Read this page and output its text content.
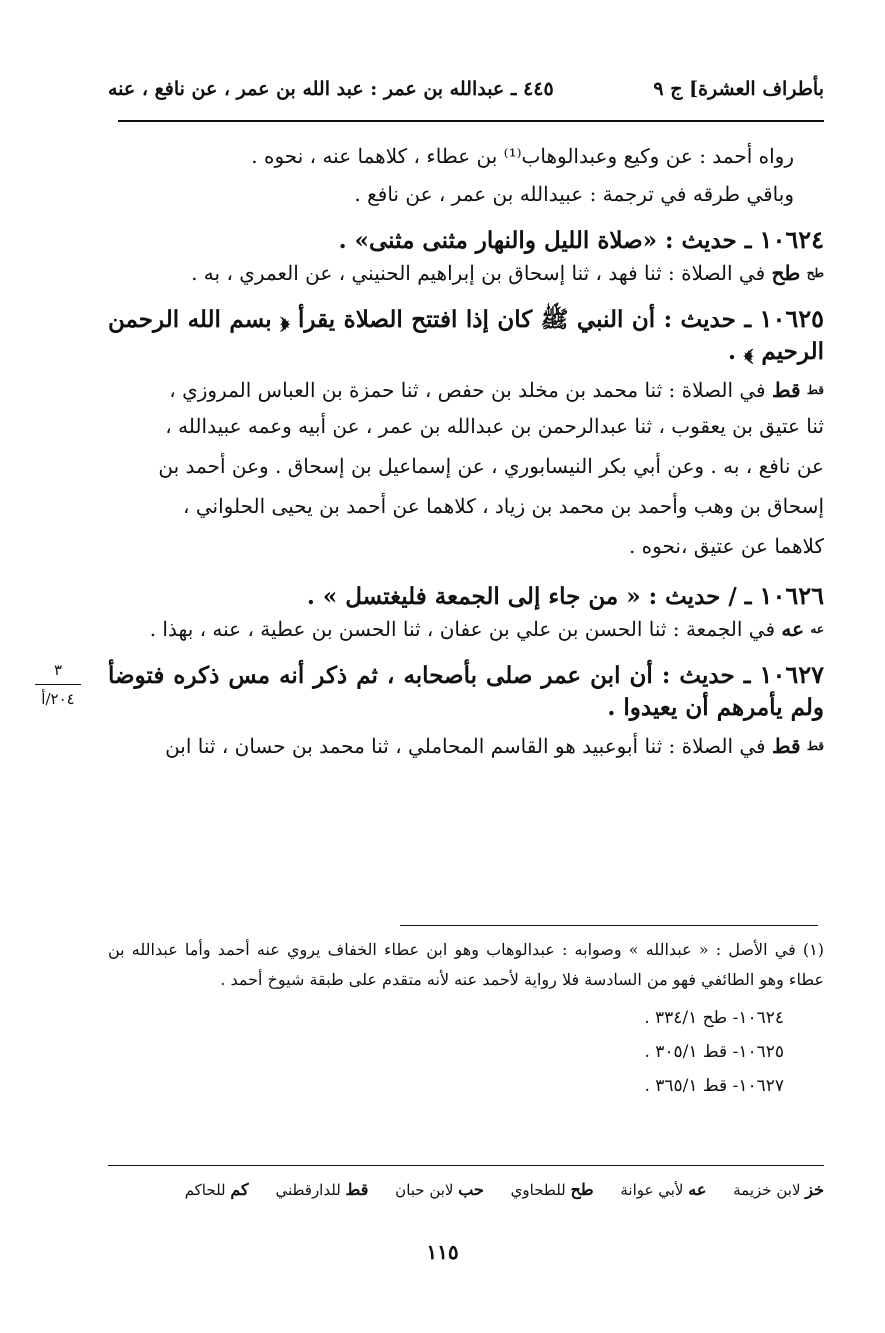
بأطراف العشرة] ج ٩
٤٤٥ ـ عبدالله بن عمر : عبد الله بن عمر ، عن نافع ، عنه

رواه أحمد : عن وكيع وعبدالوهاب⁽¹⁾ بن عطاء ، كلاهما عنه ، نحوه .

وباقي طرقه في ترجمة : عبيدالله بن عمر ، عن نافع .

١٠٦٢٤ ـ حديث : «صلاة الليل والنهار مثنى مثنى» .

طح طح في الصلاة : ثنا فهد ، ثنا إسحاق بن إبراهيم الحنيني ، عن العمري ، به .

١٠٦٢٥ ـ حديث : أن النبي ﷺ كان إذا افتتح الصلاة يقرأ ﴿ بسم الله الرحمن الرحيم ﴾ .

قط قط في الصلاة : ثنا محمد بن مخلد بن حفص ، ثنا حمزة بن العباس المروزي ،

ثنا عتيق بن يعقوب ، ثنا عبدالرحمن بن عبدالله بن عمر ، عن أبيه وعمه عبيدالله ،

عن نافع ، به . وعن أبي بكر النيسابوري ، عن إسماعيل بن إسحاق . وعن أحمد بن

إسحاق بن وهب وأحمد بن محمد بن زياد ، كلاهما عن أحمد بن يحيى الحلواني ،

كلاهما عن عتيق ،نحوه .

١٠٦٢٦ ـ / حديث : « من جاء إلى الجمعة فليغتسل » .

عه عه في الجمعة : ثنا الحسن بن علي بن عفان ، ثنا الحسن بن عطية ، عنه ، بهذا .

١٠٦٢٧ ـ حديث : أن ابن عمر صلى بأصحابه ، ثم ذكر أنه مس ذكره فتوضأ ولم يأمرهم أن يعيدوا .

قط قط في الصلاة : ثنا أبوعبيد هو القاسم المحاملي ، ثنا محمد بن حسان ، ثنا ابن

٣
٢٠٤/أ

(١) في الأصل : « عبدالله » وصوابه : عبدالوهاب وهو ابن عطاء الخفاف يروي عنه أحمد وأما عبدالله بن عطاء وهو الطائفي فهو من السادسة فلا رواية لأحمد عنه لأنه متقدم على طبقة شيوخ أحمد .

١٠٦٢٤- طح ٣٣٤/١ .

١٠٦٢٥- قط ٣٠٥/١ .

١٠٦٢٧- قط ٣٦٥/١ .

خز لابن خزيمة عه لأبي عوانة طح للطحاوي حب لابن حبان قط للدارقطني كم للحاكم
١١٥
